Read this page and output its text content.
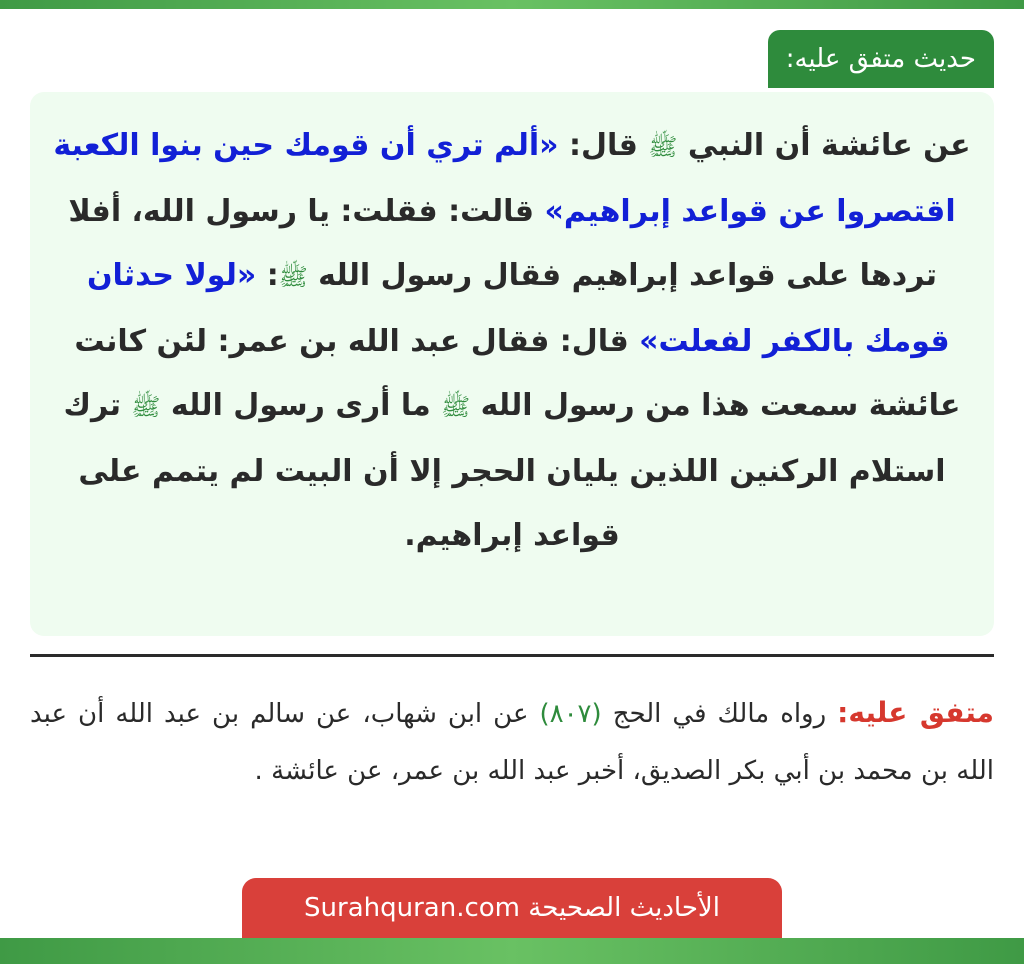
حديث متفق عليه:

عن عائشة أن النبي ﷺ قال: «ألم تري أن قومك حين بنوا الكعبة اقتصروا عن قواعد إبراهيم» قالت: فقلت: يا رسول الله، أفلا تردها على قواعد إبراهيم فقال رسول الله ﷺ: «لولا حدثان قومك بالكفر لفعلت» قال: فقال عبد الله بن عمر: لئن كانت عائشة سمعت هذا من رسول الله ﷺ ما أرى رسول الله ﷺ ترك استلام الركنين اللذين يليان الحجر إلا أن البيت لم يتمم على قواعد إبراهيم.

متفق عليه: رواه مالك في الحج (٨٠٧) عن ابن شهاب، عن سالم بن عبد الله أن عبد الله بن محمد بن أبي بكر الصديق، أخبر عبد الله بن عمر، عن عائشة .

الأحاديث الصحيحة Surahquran.com
